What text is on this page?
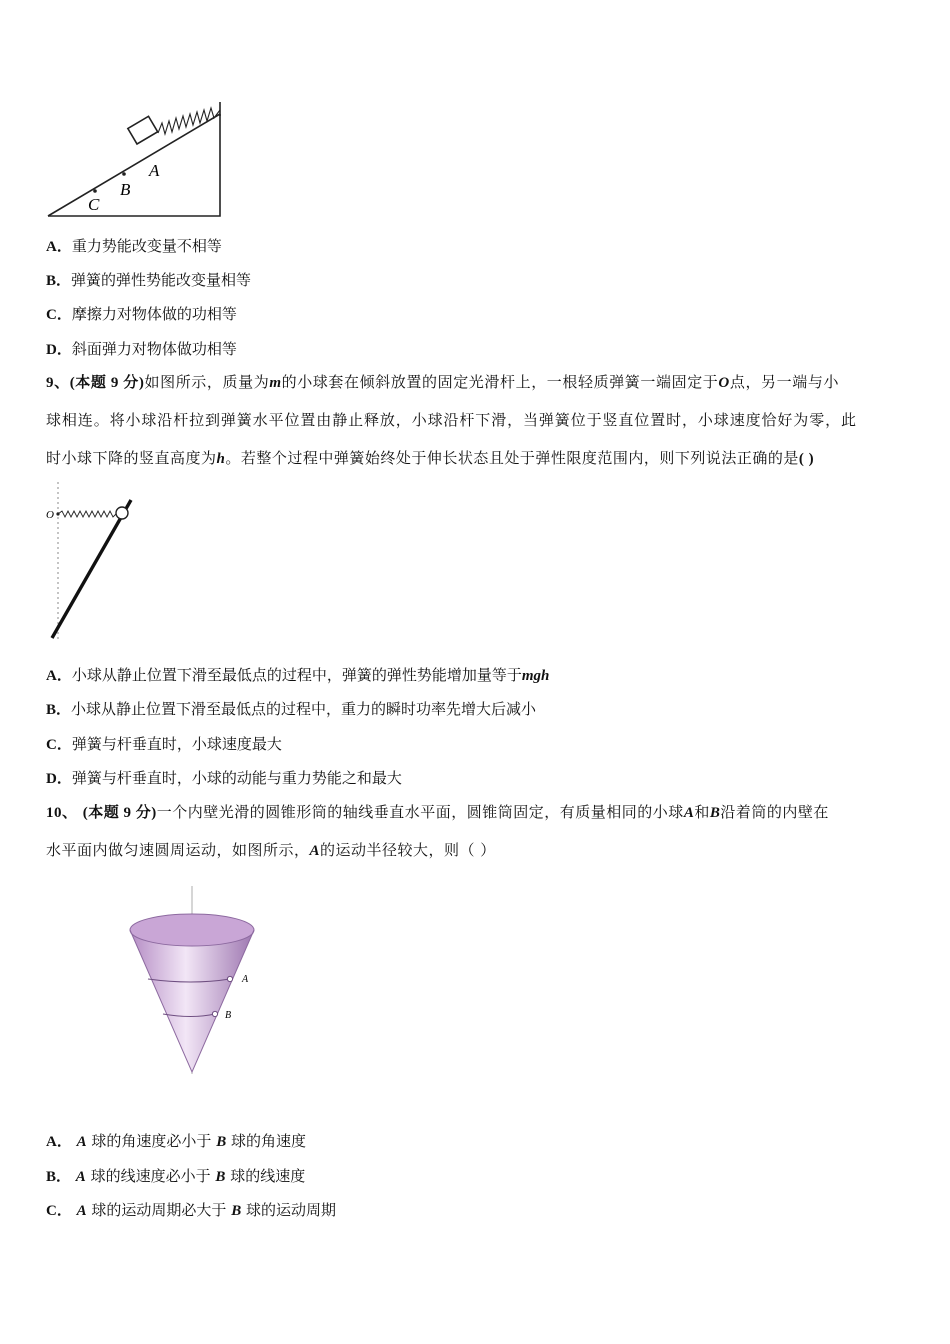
A
B
C
A．重力势能改变量不相等
B．弹簧的弹性势能改变量相等
C．摩擦力对物体做的功相等
D．斜面弹力对物体做功相等
9、(本题 9 分)如图所示，质量为m的小球套在倾斜放置的固定光滑杆上，一根轻质弹簧一端固定于O点，另一端与小
球相连。将小球沿杆拉到弹簧水平位置由静止释放，小球沿杆下滑，当弹簧位于竖直位置时，小球速度恰好为零，此
时小球下降的竖直高度为h。若整个过程中弹簧始终处于伸长状态且处于弹性限度范围内，则下列说法正确的是( )
O
A．小球从静止位置下滑至最低点的过程中，弹簧的弹性势能增加量等于mgh
B．小球从静止位置下滑至最低点的过程中，重力的瞬时功率先增大后减小
C．弹簧与杆垂直时，小球速度最大
D．弹簧与杆垂直时，小球的动能与重力势能之和最大
10、 (本题 9 分)一个内壁光滑的圆锥形筒的轴线垂直水平面，圆锥筒固定，有质量相同的小球A和B沿着筒的内壁在
水平面内做匀速圆周运动，如图所示，A的运动半径较大，则（ ）
A
B
A． A 球的角速度必小于 B 球的角速度
B． A 球的线速度必小于 B 球的线速度
C． A 球的运动周期必大于 B 球的运动周期
